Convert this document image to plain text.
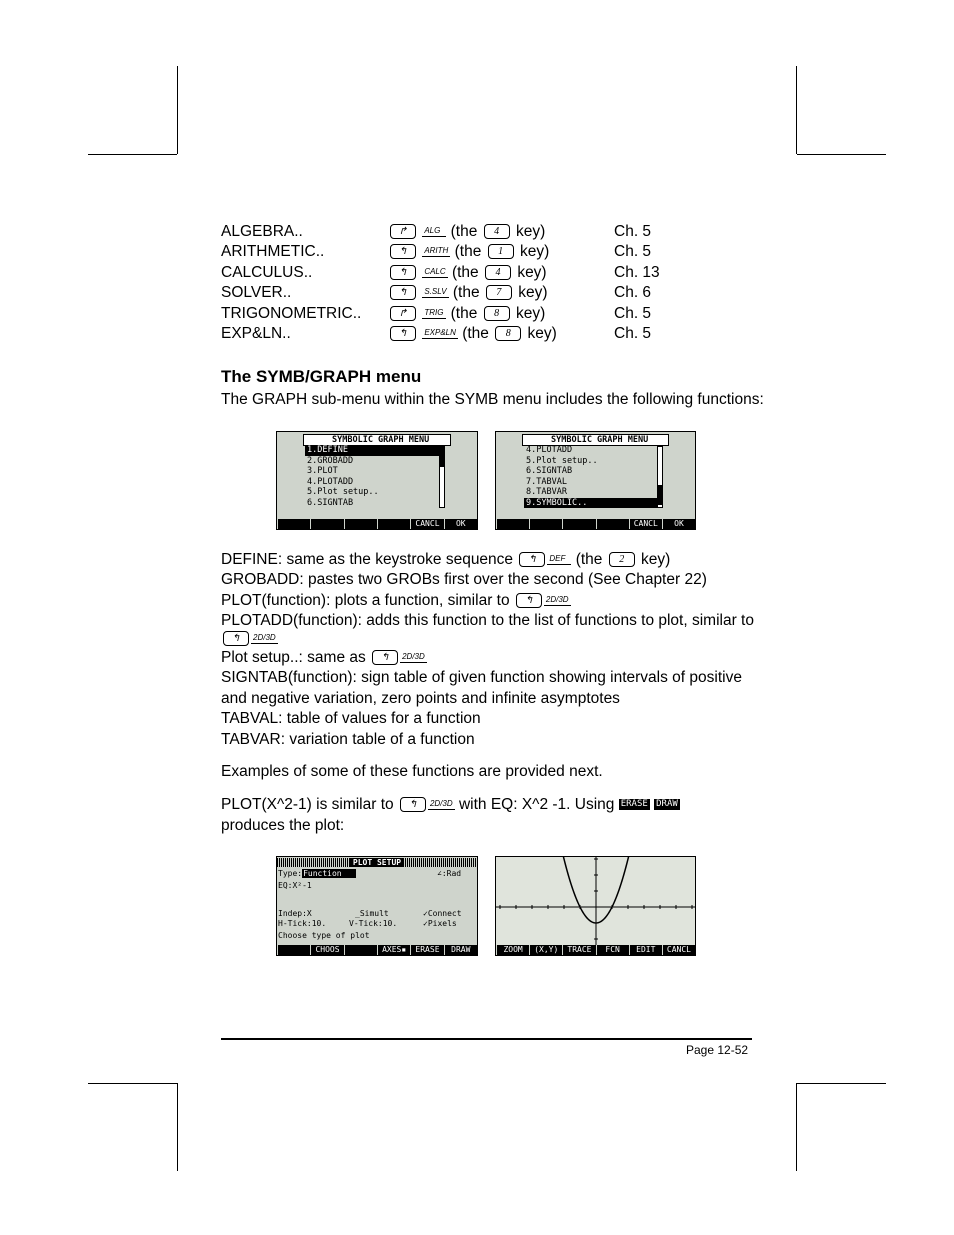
ALGEBRA..	↱ ALG (the 4 key)	Ch. 5
ARITHMETIC..	↰ ARITH (the 1 key)	Ch. 5
CALCULUS..	↰ CALC (the 4 key)	Ch. 13
SOLVER..	↰ S.SLV (the 7 key)	Ch. 6
TRIGONOMETRIC..	↱ TRIG (the 8 key)	Ch. 5
EXP&LN..	↰ EXP&LN (the 8 key)	Ch. 5
The SYMB/GRAPH menu
The GRAPH sub-menu within the SYMB menu includes the following functions:
SYMBOLIC GRAPH MENU
1.DEFINE
2.GROBADD
3.PLOT
4.PLOTADD
5.Plot setup..
6.SIGNTAB
CANCL	OK
SYMBOLIC GRAPH MENU
4.PLOTADD
5.Plot setup..
6.SIGNTAB
7.TABVAL
8.TABVAR
9.SYMBOLIC..
CANCL	OK
DEFINE: same as the keystroke sequence ↰ DEF (the 2 key)
GROBADD: pastes two GROBs first over the second (See Chapter 22)
PLOT(function): plots a function, similar to ↰ 2D/3D
PLOTADD(function): adds this function to the list of functions to plot, similar to
↰ 2D/3D
Plot setup..: same as ↰ 2D/3D
SIGNTAB(function): sign table of given function showing intervals of positive
and negative variation, zero points and infinite asymptotes
TABVAL: table of values for a function
TABVAR: variation table of a function
Examples of some of these functions are provided next.
PLOT(X^2-1) is similar to ↰ 2D/3D with EQ: X^2 -1. Using ERASE DRAW
produces the plot:
PLOT SETUP
Type:Function	∠:Rad
EQ:X²-1
Indep:X	_Simult	✓Connect
H-Tick:10.	V-Tick:10.	✓Pixels
Choose type of plot
CHOOS	AXES▪	ERASE	DRAW	ZOOM	(X,Y)	TRACE	FCN	EDIT	CANCL
Page 12-52
